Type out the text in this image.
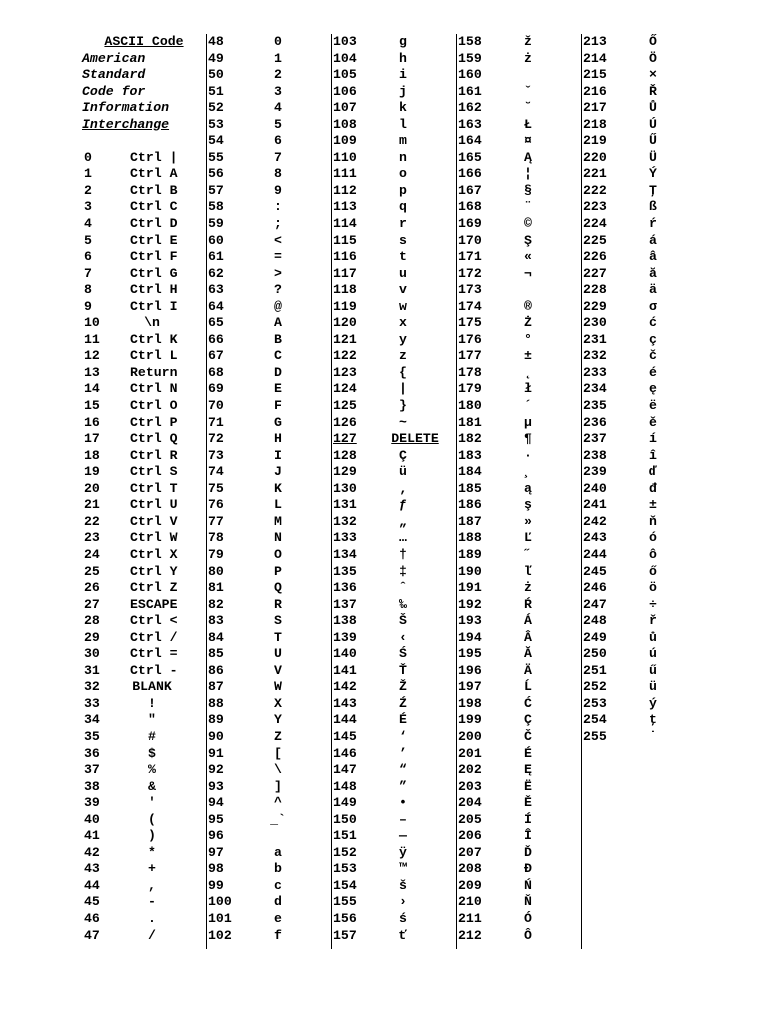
ASCII Code
American
Standard
Code for
Information
Interchange
0	Ctrl |
1	Ctrl A
2	Ctrl B
3	Ctrl C
4	Ctrl D
5	Ctrl E
6	Ctrl F
7	Ctrl G
8	Ctrl H
9	Ctrl I
10	\n
11 Ctrl K
12 Ctrl L
13 Return
14 Ctrl N
15 Ctrl O
16 Ctrl P
17 Ctrl Q
18 Ctrl R
19 Ctrl S
20 Ctrl T
21 Ctrl U
22 Ctrl V
23 Ctrl W
24 Ctrl X
25 Ctrl Y
26 Ctrl Z
27 ESCAPE
28 Ctrl <
29 Ctrl /
30 Ctrl =
31 Ctrl -
32 BLANK
33	!
34	"
35	#
36	$
37	%
38	&
39	'
40	(
41	)
42	*
43	+
44	,
45	-
46	.
47	/
48	0
49	1
50	2
51	3
52	4
53	5
54	6
55	7
56	8
57	9
58	:
59	;
60	<
61	=
62	>
63	?
64	@
65	A
66	B
67	C
68	D
69	E
70	F
71	G
72	H
73	I
74	J
75	K
76	L
77	M
78	N
79	O
80	P
81	Q
82	R
83	S
84	T
85	U
86	V
87	W
88	X
89	Y
90	Z
91	[
92	\
93	]
94	^
95	_`
96
97	a
98	b
99	c
100	d
101	e
102	f
103	g
104	h
105	i
106	j
107	k
108	l
109	m
110	n
111	o
112	p
113	q
114	r
115	s
116	t
117	u
118	v
119	w
120	x
121	y
122	z
123	{
124	|
125	}
126	~
127	DELETE
128	Ç
129	ü
130	‚
131	ƒ
132	„
133	…
134	†
135	‡
136	ˆ
137	‰
138	Š
139	‹
140	Ś
141	Ť
142	Ž
143	Ź
144	É
145	‘
146	’
147	“
148	”
149	•
150	–
151	—
152	ÿ
153	™
154	š
155	›
156	ś
157	ť
158	ž
159	ż
160
161	ˇ
162	˘
163	Ł
164	¤
165	Ą
166	¦
167	§
168	¨
169	©
170	Ş
171	«
172	¬
173
174	®
175	Ż
176	°
177	±
178	˛
179	ł
180	´
181	µ
182	¶
183	·
184	¸
185	ą
186	ş
187	»
188	Ľ
189	˝
190	ľ
191	ż
192	Ŕ
193	Á
194	Â
195	Ă
196	Ä
197	Ĺ
198	Ć
199	Ç
200	Č
201	É
202	Ę
203	Ë
204	Ě
205	Í
206	Î
207	Ď
208	Đ
209	Ń
210	Ň
211	Ó
212	Ô
213	Ő
214	Ö
215	×
216	Ř
217	Ů
218	Ú
219	Ű
220	Ü
221	Ý
222	Ţ
223	ß
224	ŕ
225	á
226	â
227	ă
228	ä
229	σ
230	ć
231	ç
232	č
233	é
234	ę
235	ë
236	ě
237	í
238	î
239	ď
240	đ
241	±
242	ň
243	ó
244	ô
245	ő
246	ö
247	÷
248	ř
249	ů
250	ú
251	ű
252	ü
253	ý
254	ţ
255	˙
